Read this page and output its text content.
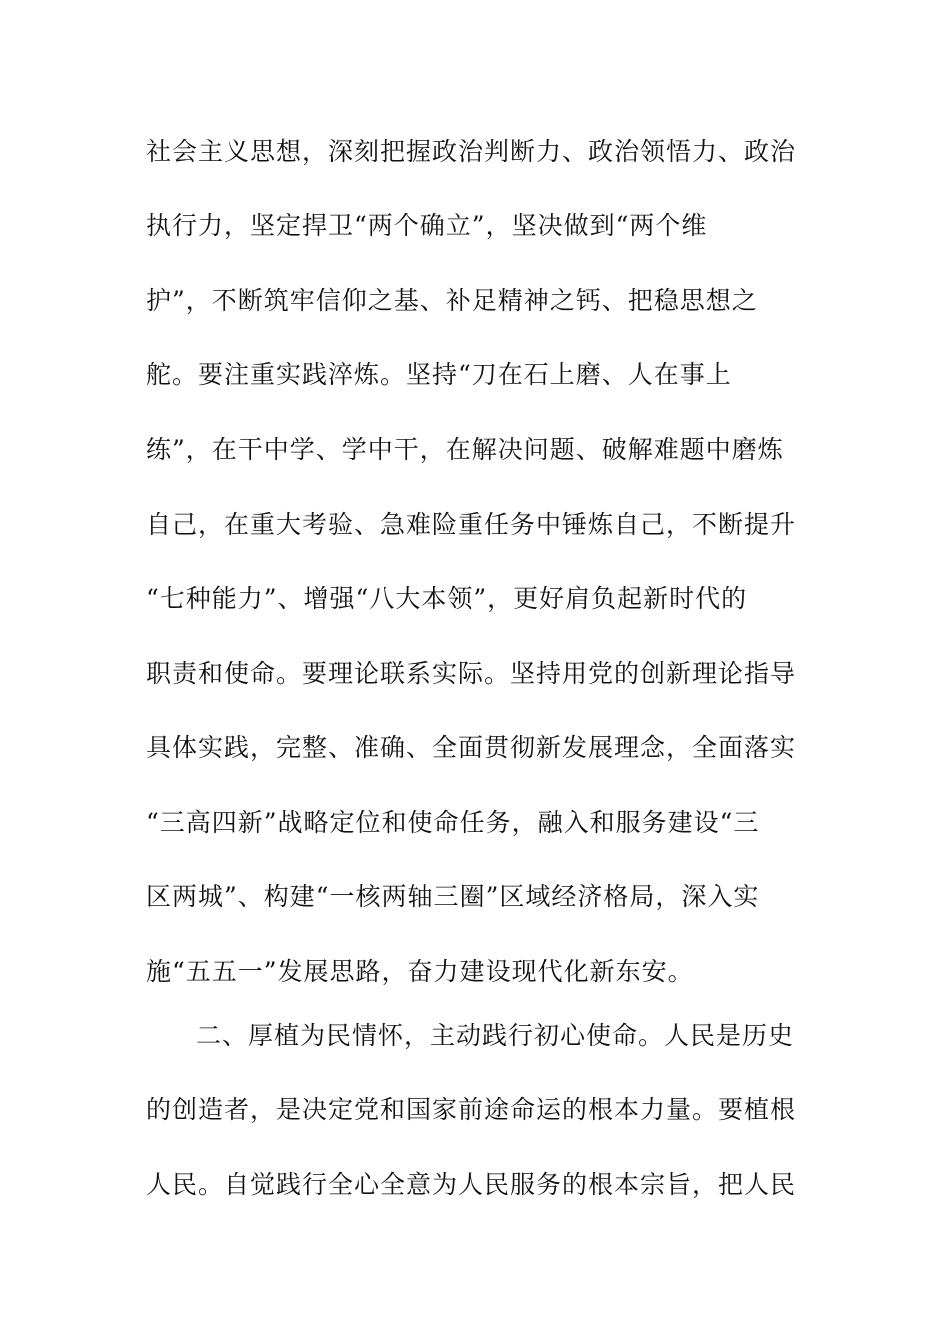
社会主义思想，深刻把握政治判断力、政治领悟力、政治
执行力，坚定捍卫“两个确立”，坚决做到“两个维
护”，不断筑牢信仰之基、补足精神之钙、把稳思想之
舵。要注重实践淬炼。坚持“刀在石上磨、人在事上
练”，在干中学、学中干，在解决问题、破解难题中磨炼
自己，在重大考验、急难险重任务中锤炼自己，不断提升
“七种能力”、增强“八大本领”，更好肩负起新时代的
职责和使命。要理论联系实际。坚持用党的创新理论指导
具体实践，完整、准确、全面贯彻新发展理念，全面落实
“三高四新”战略定位和使命任务，融入和服务建设“三
区两城”、构建“一核两轴三圈”区域经济格局，深入实
施“五五一”发展思路，奋力建设现代化新东安。
二、厚植为民情怀，主动践行初心使命。人民是历史
的创造者，是决定党和国家前途命运的根本力量。要植根
人民。自觉践行全心全意为人民服务的根本宗旨，把人民
